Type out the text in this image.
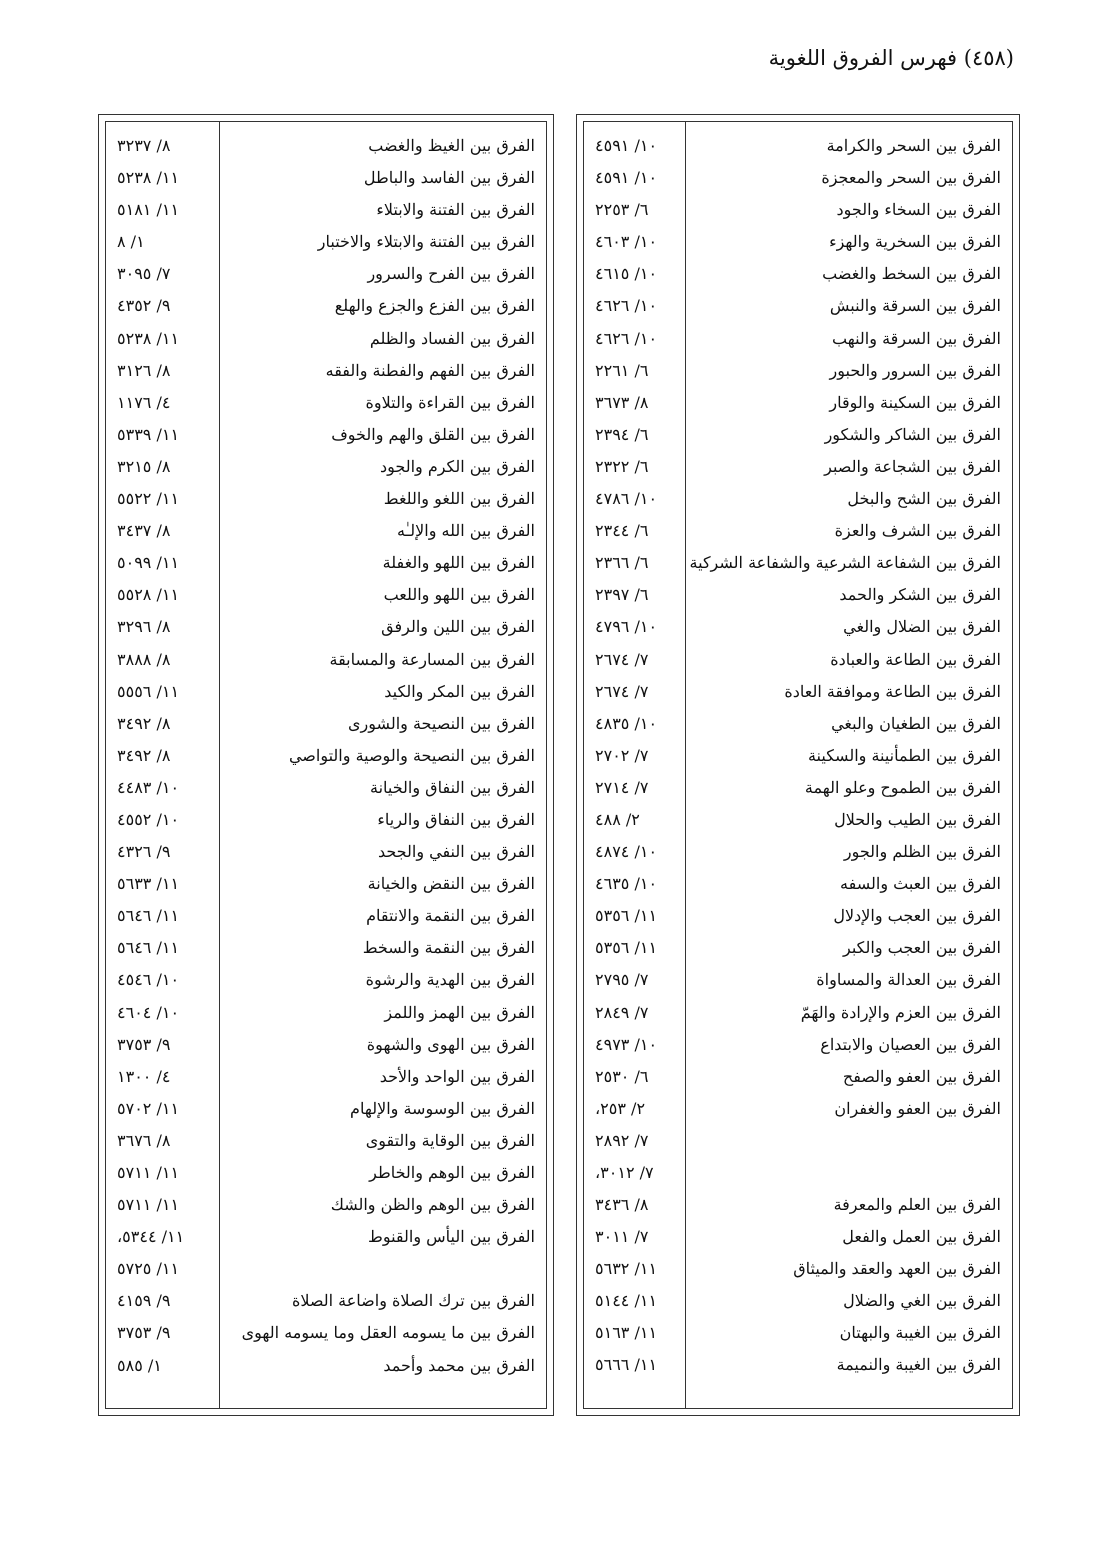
(٤٥٨) فهرس الفروق اللغوية
الفرق بين السحر والكرامة
١٠/ ٤٥٩١
الفرق بين السحر والمعجزة
١٠/ ٤٥٩١
الفرق بين السخاء والجود
٦/ ٢٢٥٣
الفرق بين السخرية والهزء
١٠/ ٤٦٠٣
الفرق بين السخط والغضب
١٠/ ٤٦١٥
الفرق بين السرقة والنبش
١٠/ ٤٦٢٦
الفرق بين السرقة والنهب
١٠/ ٤٦٢٦
الفرق بين السرور والحبور
٦/ ٢٢٦١
الفرق بين السكينة والوقار
٨/ ٣٦٧٣
الفرق بين الشاكر والشكور
٦/ ٢٣٩٤
الفرق بين الشجاعة والصبر
٦/ ٢٣٢٢
الفرق بين الشح والبخل
١٠/ ٤٧٨٦
الفرق بين الشرف والعزة
٦/ ٢٣٤٤
الفرق بين الشفاعة الشرعية والشفاعة الشركية
٦/ ٢٣٦٦
الفرق بين الشكر والحمد
٦/ ٢٣٩٧
الفرق بين الضلال والغي
١٠/ ٤٧٩٦
الفرق بين الطاعة والعبادة
٧/ ٢٦٧٤
الفرق بين الطاعة وموافقة العادة
٧/ ٢٦٧٤
الفرق بين الطغيان والبغي
١٠/ ٤٨٣٥
الفرق بين الطمأنينة والسكينة
٧/ ٢٧٠٢
الفرق بين الطموح وعلو الهمة
٧/ ٢٧١٤
الفرق بين الطيب والحلال
٢/ ٤٨٨
الفرق بين الظلم والجور
١٠/ ٤٨٧٤
الفرق بين العبث والسفه
١٠/ ٤٦٣٥
الفرق بين العجب والإدلال
١١/ ٥٣٥٦
الفرق بين العجب والكبر
١١/ ٥٣٥٦
الفرق بين العدالة والمساواة
٧/ ٢٧٩٥
الفرق بين العزم والإرادة والهَمّ
٧/ ٢٨٤٩
الفرق بين العصيان والابتداع
١٠/ ٤٩٧٣
الفرق بين العفو والصفح
٦/ ٢٥٣٠
الفرق بين العفو والغفران
٢/ ٢٥٣،
٧/ ٢٨٩٢
الفرق بين العلم والمعرفة
٧/ ٣٠١٢،
٨/ ٣٤٣٦
الفرق بين العمل والفعل
٧/ ٣٠١١
الفرق بين العهد والعقد والميثاق
١١/ ٥٦٣٢
الفرق بين الغي والضلال
١١/ ٥١٤٤
الفرق بين الغيبة والبهتان
١١/ ٥١٦٣
الفرق بين الغيبة والنميمة
١١/ ٥٦٦٦
الفرق بين الغيظ والغضب
٨/ ٣٢٣٧
الفرق بين الفاسد والباطل
١١/ ٥٢٣٨
الفرق بين الفتنة والابتلاء
١١/ ٥١٨١
الفرق بين الفتنة والابتلاء والاختبار
١/ ٨
الفرق بين الفرح والسرور
٧/ ٣٠٩٥
الفرق بين الفزع والجزع والهلع
٩/ ٤٣٥٢
الفرق بين الفساد والظلم
١١/ ٥٢٣٨
الفرق بين الفهم والفطنة والفقه
٨/ ٣١٢٦
الفرق بين القراءة والتلاوة
٤/ ١١٧٦
الفرق بين القلق والهم والخوف
١١/ ٥٣٣٩
الفرق بين الكرم والجود
٨/ ٣٢١٥
الفرق بين اللغو واللغط
١١/ ٥٥٢٢
الفرق بين الله والإلـٰه
٨/ ٣٤٣٧
الفرق بين اللهو والغفلة
١١/ ٥٠٩٩
الفرق بين اللهو واللعب
١١/ ٥٥٢٨
الفرق بين اللين والرفق
٨/ ٣٢٩٦
الفرق بين المسارعة والمسابقة
٨/ ٣٨٨٨
الفرق بين المكر والكيد
١١/ ٥٥٥٦
الفرق بين النصيحة والشورى
٨/ ٣٤٩٢
الفرق بين النصيحة والوصية والتواصي
٨/ ٣٤٩٢
الفرق بين النفاق والخيانة
١٠/ ٤٤٨٣
الفرق بين النفاق والرياء
١٠/ ٤٥٥٢
الفرق بين النفي والجحد
٩/ ٤٣٢٦
الفرق بين النقض والخيانة
١١/ ٥٦٣٣
الفرق بين النقمة والانتقام
١١/ ٥٦٤٦
الفرق بين النقمة والسخط
١١/ ٥٦٤٦
الفرق بين الهدية والرشوة
١٠/ ٤٥٤٦
الفرق بين الهمز واللمز
١٠/ ٤٦٠٤
الفرق بين الهوى والشهوة
٩/ ٣٧٥٣
الفرق بين الواحد والأحد
٤/ ١٣٠٠
الفرق بين الوسوسة والإلهام
١١/ ٥٧٠٢
الفرق بين الوقاية والتقوى
٨/ ٣٦٧٦
الفرق بين الوهم والخاطر
١١/ ٥٧١١
الفرق بين الوهم والظن والشك
١١/ ٥٧١١
الفرق بين اليأس والقنوط
١١/ ٥٣٤٤،
١١/ ٥٧٢٥
الفرق بين ترك الصلاة واضاعة الصلاة
٩/ ٤١٥٩
الفرق بين ما يسومه العقل وما يسومه الهوى
٩/ ٣٧٥٣
الفرق بين محمد وأحمد
١/ ٥٨٥
